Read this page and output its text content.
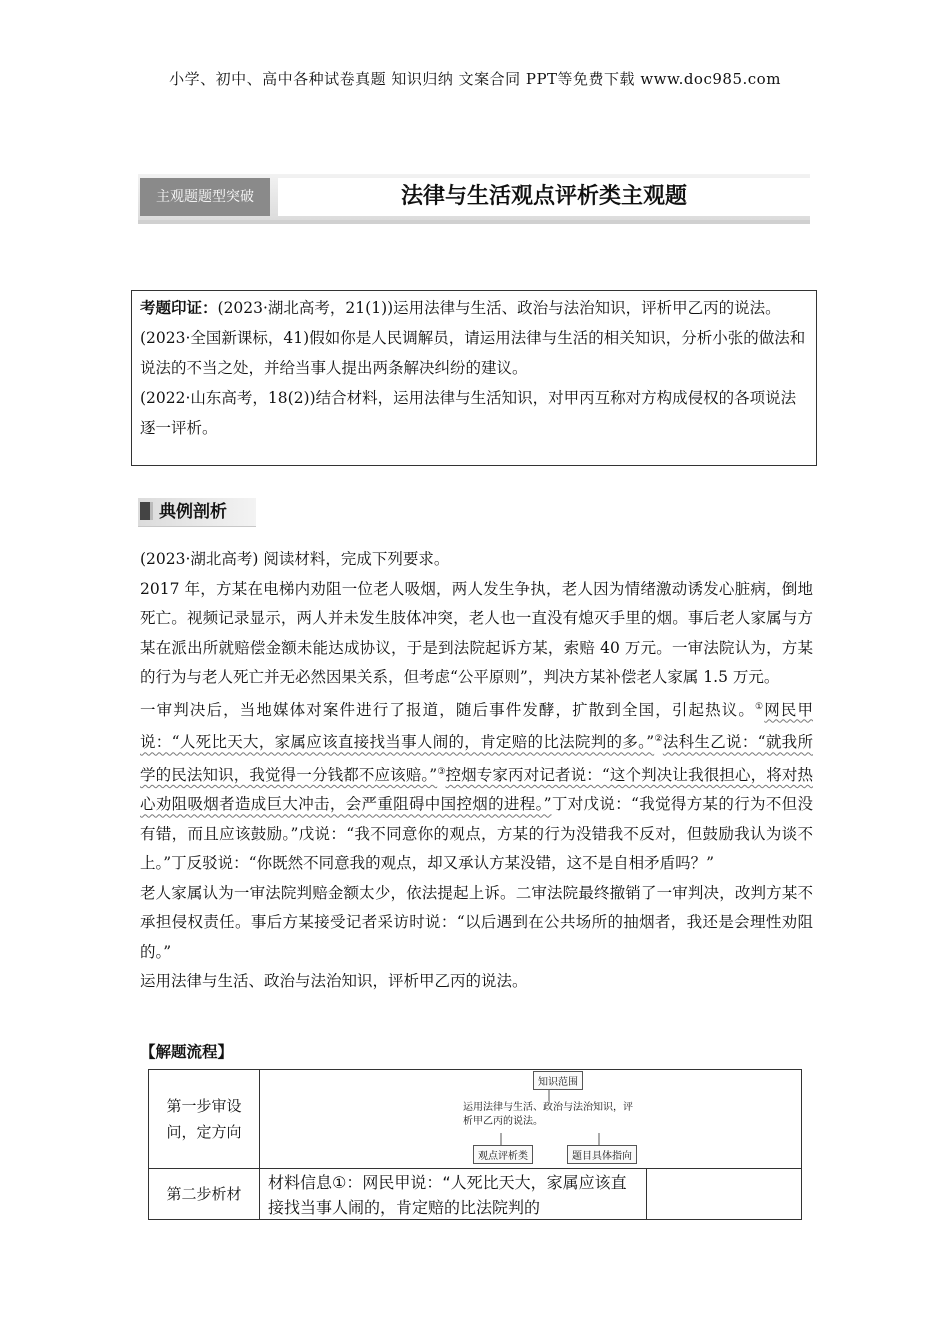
小学、初中、高中各种试卷真题 知识归纳 文案合同 PPT等免费下载 www.doc985.com
主观题题型突破	法律与生活观点评析类主观题

考题印证：(2023·湖北高考，21(1))运用法律与生活、政治与法治知识，评析甲乙丙的说法。

(2023·全国新课标，41)假如你是人民调解员，请运用法律与生活的相关知识，分析小张的做法和说法的不当之处，并给当事人提出两条解决纠纷的建议。

(2022·山东高考，18(2))结合材料，运用法律与生活知识，对甲丙互称对方构成侵权的各项说法逐一评析。

典例剖析

(2023·湖北高考) 阅读材料，完成下列要求。

2017 年，方某在电梯内劝阻一位老人吸烟，两人发生争执，老人因为情绪激动诱发心脏病，倒地死亡。视频记录显示，两人并未发生肢体冲突，老人也一直没有熄灭手里的烟。事后老人家属与方某在派出所就赔偿金额未能达成协议，于是到法院起诉方某，索赔 40 万元。一审法院认为，方某的行为与老人死亡并无必然因果关系，但考虑“公平原则”，判决方某补偿老人家属 1.5 万元。

一审判决后，当地媒体对案件进行了报道，随后事件发酵，扩散到全国，引起热议。①网民甲说：“人死比天大，家属应该直接找当事人闹的，肯定赔的比法院判的多。”②法科生乙说：“就我所学的民法知识，我觉得一分钱都不应该赔。”③控烟专家丙对记者说：“这个判决让我很担心，将对热心劝阻吸烟者造成巨大冲击，会严重阻碍中国控烟的进程。”丁对戊说：“我觉得方某的行为不但没有错，而且应该鼓励。”戊说：“我不同意你的观点，方某的行为没错我不反对，但鼓励我认为谈不上。”丁反驳说：“你既然不同意我的观点，却又承认方某没错，这不是自相矛盾吗？”

老人家属认为一审法院判赔金额太少，依法提起上诉。二审法院最终撤销了一审判决，改判方某不承担侵权责任。事后方某接受记者采访时说：“以后遇到在公共场所的抽烟者，我还是会理性劝阻的。”

运用法律与生活、政治与法治知识，评析甲乙丙的说法。

【解题流程】
第一步审设问，定方向	知识范围
运用法律与生活、政治与法治知识，评析甲乙丙的说法。
观点评析类 题目具体指向	

第二步析材	材料信息①：网民甲说：“人死比天大，家属应该直接找当事人闹的，肯定赔的比法院判的	
